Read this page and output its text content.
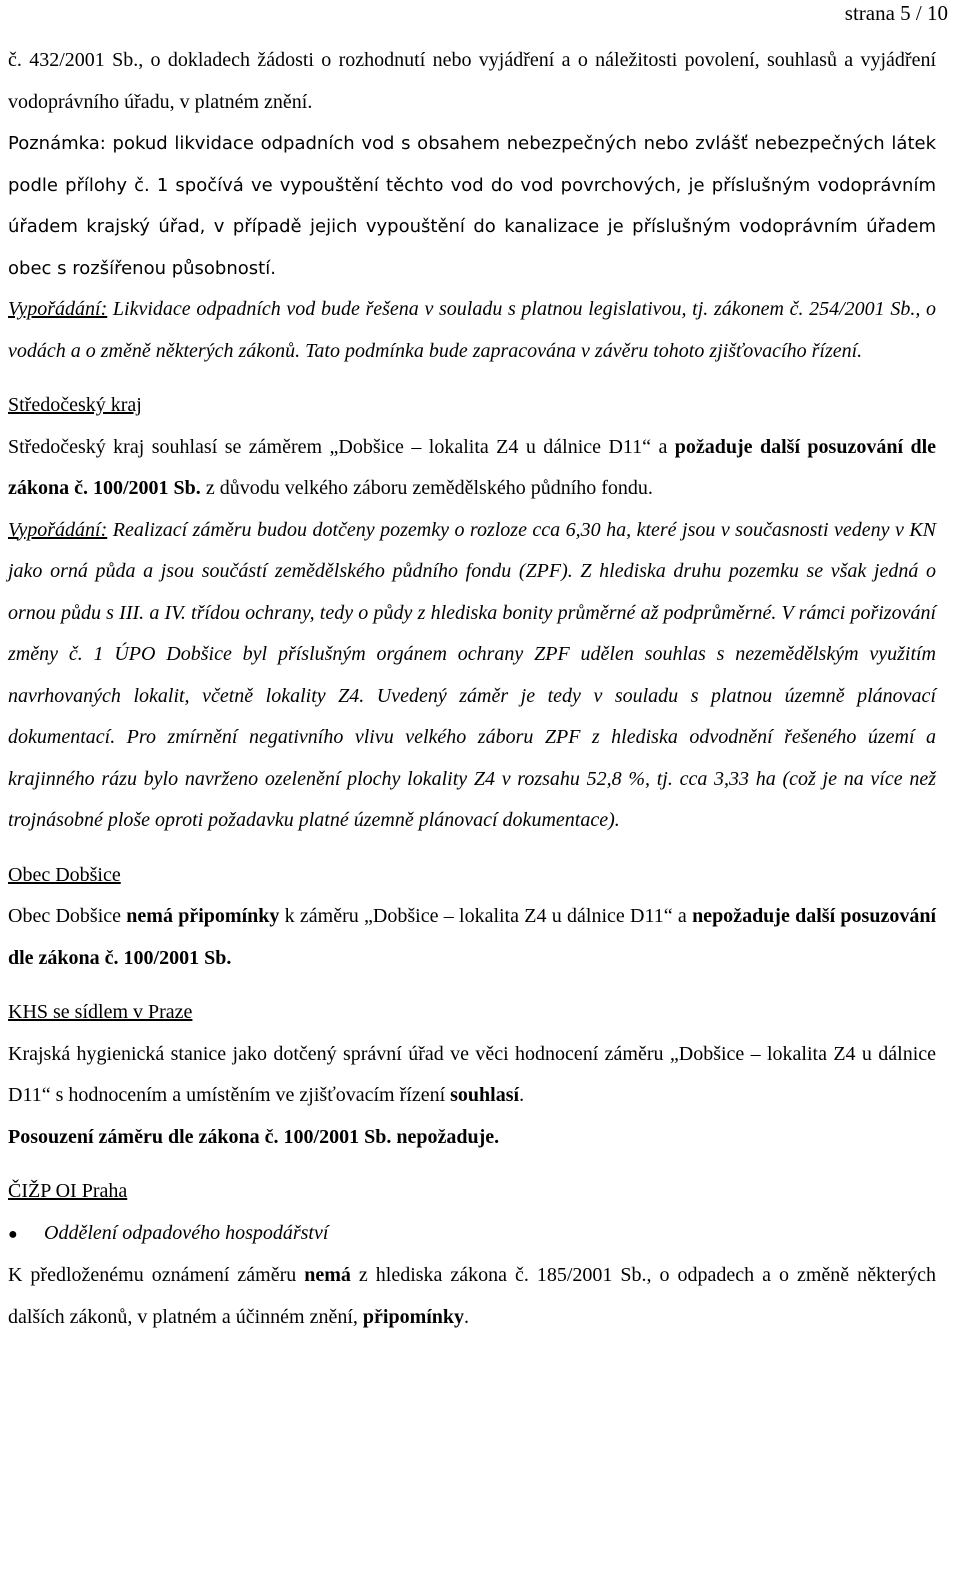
strana 5 / 10

č. 432/2001 Sb., o dokladech žádosti o rozhodnutí nebo vyjádření a o náležitosti povolení, souhlasů a vyjádření vodoprávního úřadu, v platném znění.

Poznámka: pokud likvidace odpadních vod s obsahem nebezpečných nebo zvlášť nebezpečných látek podle přílohy č. 1 spočívá ve vypouštění těchto vod do vod povrchových, je příslušným vodoprávním úřadem krajský úřad, v případě jejich vypouštění do kanalizace je příslušným vodoprávním úřadem obec s rozšířenou působností.

Vypořádání: Likvidace odpadních vod bude řešena v souladu s platnou legislativou, tj. zákonem č. 254/2001 Sb., o vodách a o změně některých zákonů. Tato podmínka bude zapracována v závěru tohoto zjišťovacího řízení.

Středočeský kraj

Středočeský kraj souhlasí se záměrem „Dobšice – lokalita Z4 u dálnice D11“ a požaduje další posuzování dle zákona č. 100/2001 Sb. z důvodu velkého záboru zemědělského půdního fondu.

Vypořádání: Realizací záměru budou dotčeny pozemky o rozloze cca 6,30 ha, které jsou v současnosti vedeny v KN jako orná půda a jsou součástí zemědělského půdního fondu (ZPF). Z hlediska druhu pozemku se však jedná o ornou půdu s III. a IV. třídou ochrany, tedy o půdy z hlediska bonity průměrné až podprůměrné. V rámci pořizování změny č. 1 ÚPO Dobšice byl příslušným orgánem ochrany ZPF udělen souhlas s nezemědělským využitím navrhovaných lokalit, včetně lokality Z4. Uvedený záměr je tedy v souladu s platnou územně plánovací dokumentací. Pro zmírnění negativního vlivu velkého záboru ZPF z hlediska odvodnění řešeného území a krajinného rázu bylo navrženo ozelenění plochy lokality Z4 v rozsahu 52,8 %, tj. cca 3,33 ha (což je na více než trojnásobné ploše oproti požadavku platné územně plánovací dokumentace).

Obec Dobšice

Obec Dobšice nemá připomínky k záměru „Dobšice – lokalita Z4 u dálnice D11“ a nepožaduje další posuzování dle zákona č. 100/2001 Sb.

KHS se sídlem v Praze

Krajská hygienická stanice jako dotčený správní úřad ve věci hodnocení záměru „Dobšice – lokalita Z4 u dálnice D11“ s hodnocením a umístěním ve zjišťovacím řízení souhlasí.

Posouzení záměru dle zákona č. 100/2001 Sb. nepožaduje.

ČIŽP OI Praha

●	Oddělení odpadového hospodářství

K předloženému oznámení záměru nemá z hlediska zákona č. 185/2001 Sb., o odpadech a o změně některých dalších zákonů, v platném a účinném znění, připomínky.
